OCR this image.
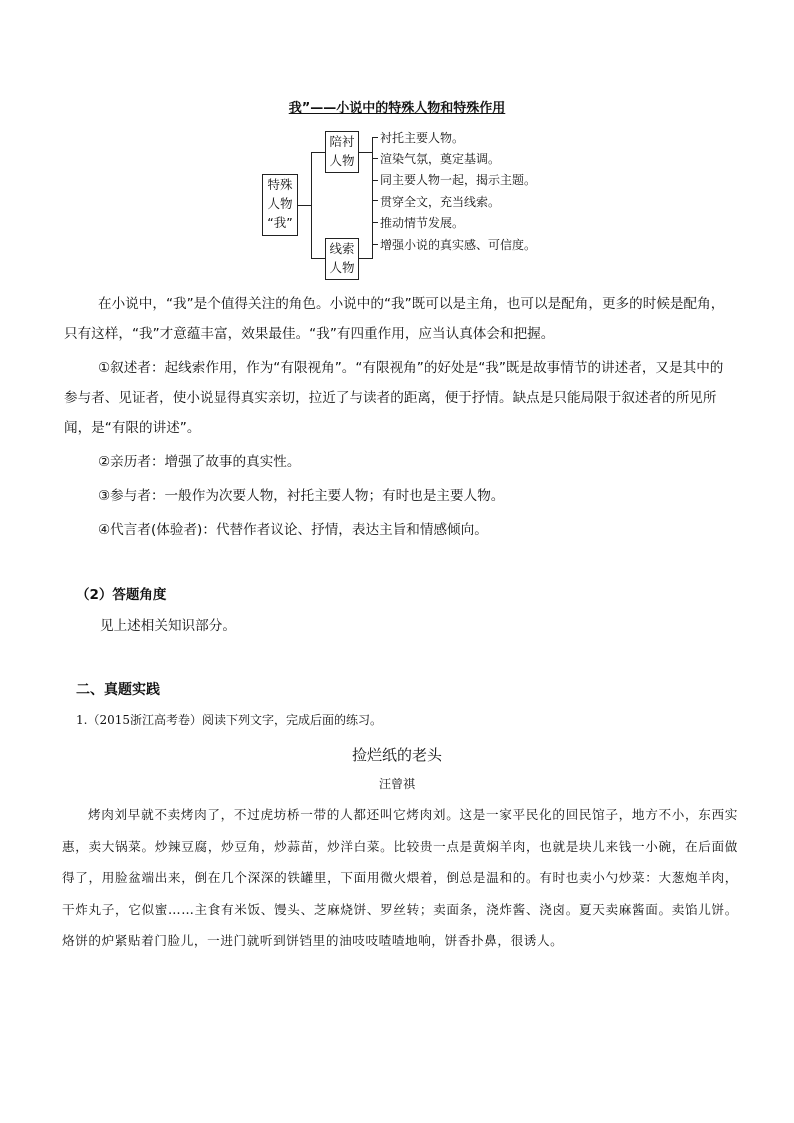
我”——小说中的特殊人物和特殊作用
特殊
人物
“我”
陪衬
人物
线索
人物
衬托主要人物。
渲染气氛，奠定基调。
同主要人物一起，揭示主题。
贯穿全文，充当线索。
推动情节发展。
增强小说的真实感、可信度。

在小说中，“我”是个值得关注的角色。小说中的“我”既可以是主角，也可以是配角，更多的时候是配角，只有这样，“我”才意蕴丰富，效果最佳。“我”有四重作用，应当认真体会和把握。

①叙述者：起线索作用，作为“有限视角”。“有限视角”的好处是“我”既是故事情节的讲述者，又是其中的参与者、见证者，使小说显得真实亲切，拉近了与读者的距离，便于抒情。缺点是只能局限于叙述者的所见所闻，是“有限的讲述”。

②亲历者：增强了故事的真实性。

③参与者：一般作为次要人物，衬托主要人物；有时也是主要人物。

④代言者(体验者)：代替作者议论、抒情，表达主旨和情感倾向。

（2）答题角度
见上述相关知识部分。
二、真题实践
1.（2015浙江高考卷）阅读下列文字，完成后面的练习。
捡烂纸的老头
汪曾祺

烤肉刘早就不卖烤肉了，不过虎坊桥一带的人都还叫它烤肉刘。这是一家平民化的回民馆子，地方不小，东西实惠，卖大锅菜。炒辣豆腐，炒豆角，炒蒜苗，炒洋白菜。比较贵一点是黄焖羊肉，也就是块儿来钱一小碗，在后面做得了，用脸盆端出来，倒在几个深深的铁罐里，下面用微火煨着，倒总是温和的。有时也卖小勺炒菜：大葱炮羊肉，干炸丸子，它似蜜……主食有米饭、馒头、芝麻烧饼、罗丝转；卖面条，浇炸酱、浇卤。夏天卖麻酱面。卖馅儿饼。烙饼的炉紧贴着门脸儿，一进门就听到饼铛里的油吱吱喳喳地响，饼香扑鼻，很诱人。
